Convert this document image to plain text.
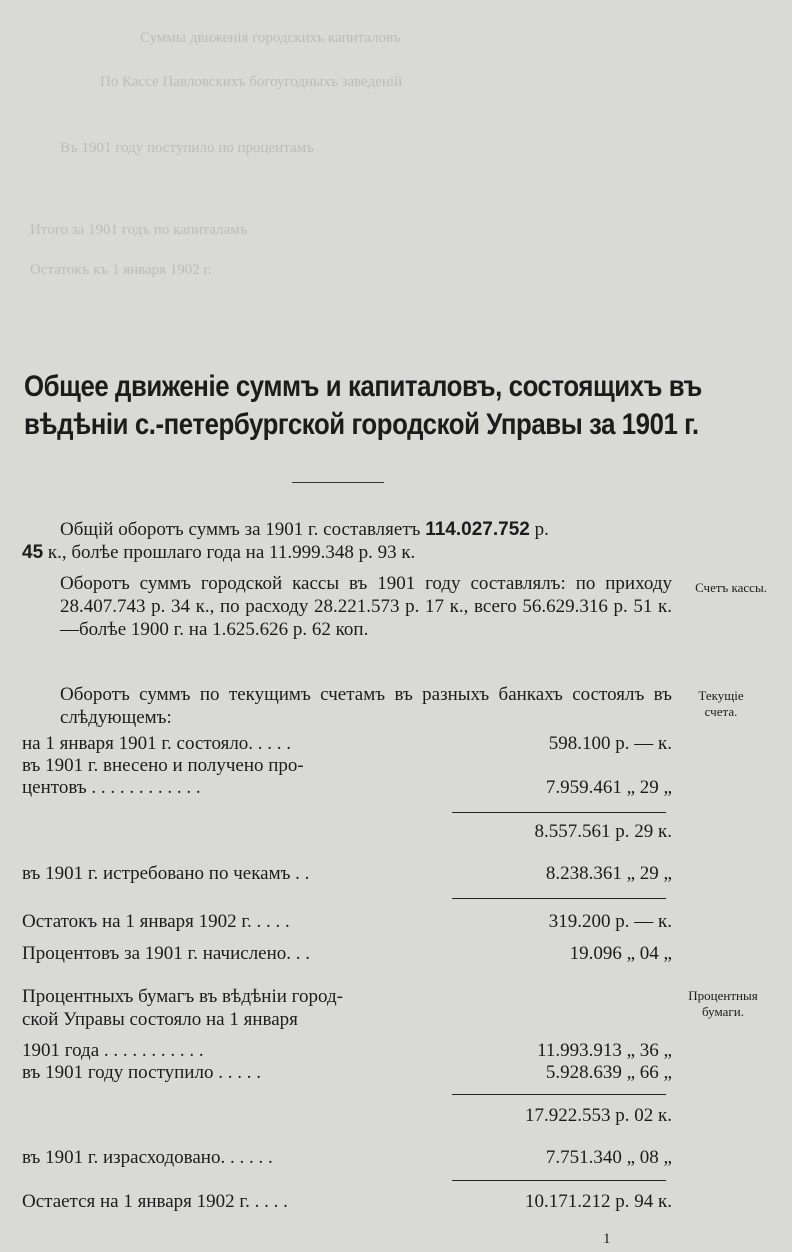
Суммы движенія городскихъ капиталовъ
По Кассе Павловскихъ богоугодныхъ заведеній
Въ 1901 году поступило по процентамъ
Итого за 1901 годъ по капиталамъ
Остатокъ къ 1 января 1902 г.
Общее движеніе суммъ и капиталовъ, состоящихъ въ
вѣдѣніи с.-петербургской городской Управы за 1901 г.
Общій оборотъ суммъ за 1901 г. составляетъ 114.027.752 р.
45 к., болѣе прошлаго года на 11.999.348 р. 93 к.
Оборотъ суммъ городской кассы въ 1901 году составлялъ: по приходу 28.407.743 р. 34 к., по расходу 28.221.573 р. 17 к., всего 56.629.316 р. 51 к.—болѣе 1900 г. на 1.625.626 р. 62 коп.
Счетъ кассы.
Оборотъ суммъ по текущимъ счетамъ въ разныхъ банкахъ состоялъ въ слѣдующемъ:
Текущіе
счета.
на 1 января 1901 г. состояло. . . . .	598.100 р. — к.
въ 1901 г. внесено и получено про-
центовъ . . . . . . . . . . . .	7.959.461 „ 29 „
8.557.561 р. 29 к.
въ 1901 г. истребовано по чекамъ . .	8.238.361 „ 29 „
Остатокъ на 1 января 1902 г. . . . .	319.200 р. — к.
Процентовъ за 1901 г. начислено. . .	19.096 „ 04 „
Процентныхъ бумагъ въ вѣдѣніи город-
ской Управы состояло на 1 января
Процентныя
бумаги.
1901 года . . . . . . . . . . .	11.993.913 „ 36 „
въ 1901 году поступило . . . . .	5.928.639 „ 66 „
17.922.553 р. 02 к.
въ 1901 г. израсходовано. . . . . .	7.751.340 „ 08 „
Остается на 1 января 1902 г. . . . .	10.171.212 р. 94 к.
1
